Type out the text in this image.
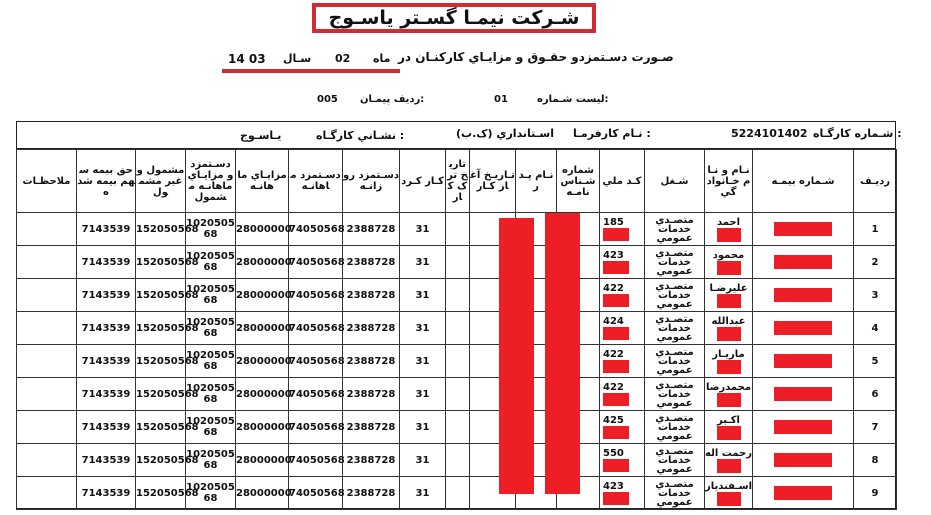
شـرکت نیمـا گسـتر یاسـوج
صـورت دسـتمزدو حقـوق و مزايـاي کارکنـان در
ماه
02
سـال
14 03
لیست شـماره:
01
رديف پیمـان:
005
شـماره کارگـاه :
5224101402
نـام کارفرمـا :
(اسـتانداري (ک.ب
نشـاني کارگـاه :
يـاسـوج
ملاحظـات	حق بیمه سهم بیمه شده	مشمول و غير مشمول	دسـتمزد و مزايـاي ماهانـه مشمول	مزايـاي ماهانـه	دسـتمزد ماهانـه	دسـتمزد روزانـه	کـار کـرد	تاريخ ترک کار	تـاريـخ آغاز کـار	نـام پـدر	شماره شـناس نامـه	کـد ملي	شـغل	نـام و نـام خـانوادگي	شـماره بیمـه	رديـف
	7143539	152050568	102050568	28000000	74050568	2388728	31					185	متصـدي خدمات عمومي	احمد		1
	7143539	152050568	102050568	28000000	74050568	2388728	31					423	متصـدي خدمات عمومي	محمود		2
	7143539	152050568	102050568	28000000	74050568	2388728	31					422	متصـدي خدمات عمومي	علیرضـا		3
	7143539	152050568	102050568	28000000	74050568	2388728	31					424	متصـدي خدمات عمومي	عبدالله		4
	7143539	152050568	102050568	28000000	74050568	2388728	31					422	متصـدي خدمات عمومي	ماريـار		5
	7143539	152050568	102050568	28000000	74050568	2388728	31					422	متصـدي خدمات عمومي	محمدرضا		6
	7143539	152050568	102050568	28000000	74050568	2388728	31					425	متصـدي خدمات عمومي	اکـبر		7
	7143539	152050568	102050568	28000000	74050568	2388728	31					550	متصـدي خدمات عمومي	رحمت اله		8
	7143539	152050568	102050568	28000000	74050568	2388728	31					423	متصـدي خدمات عمومي	اسـفنديار		9
